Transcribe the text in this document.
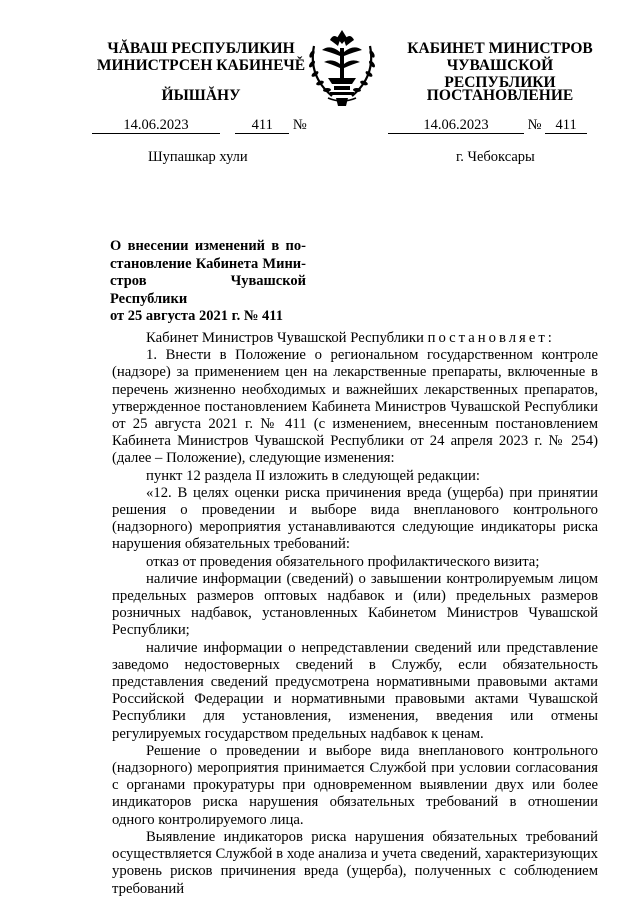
ЧĂВАШ РЕСПУБЛИКИН
МИНИСТРСЕН КАБИНЕЧĚ
ЙЫШĂНУ
КАБИНЕТ МИНИСТРОВ
ЧУВАШСКОЙ РЕСПУБЛИКИ
ПОСТАНОВЛЕНИЕ
14.06.2023	411 №	14.06.2023	№ 411
Шупашкар хули	г. Чебоксары
О внесении изменений в по-
становление Кабинета Мини-
стров Чувашской Республики
от 25 августа 2021 г. № 411

Кабинет Министров Чувашской Республики постановляет:

1. Внести в Положение о региональном государственном контроле (надзоре) за применением цен на лекарственные препараты, включенные в перечень жизненно необходимых и важнейших лекарственных препаратов, утвержденное постановлением Кабинета Министров Чувашской Республики от 25 августа 2021 г. № 411 (с изменением, внесенным постановлением Кабинета Министров Чувашской Республики от 24 апреля 2023 г. № 254) (далее – Положение), следующие изменения:

пункт 12 раздела II изложить в следующей редакции:

«12. В целях оценки риска причинения вреда (ущерба) при принятии решения о проведении и выборе вида внепланового контрольного (надзорного) мероприятия устанавливаются следующие индикаторы риска нарушения обязательных требований:

отказ от проведения обязательного профилактического визита;

наличие информации (сведений) о завышении контролируемым лицом предельных размеров оптовых надбавок и (или) предельных размеров розничных надбавок, установленных Кабинетом Министров Чувашской Республики;

наличие информации о непредставлении сведений или представление заведомо недостоверных сведений в Службу, если обязательность представления сведений предусмотрена нормативными правовыми актами Российской Федерации и нормативными правовыми актами Чувашской Республики для установления, изменения, введения или отмены регулируемых государством предельных надбавок к ценам.

Решение о проведении и выборе вида внепланового контрольного (надзорного) мероприятия принимается Службой при условии согласования с органами прокуратуры при одновременном выявлении двух или более индикаторов риска нарушения обязательных требований в отношении одного контролируемого лица.

Выявление индикаторов риска нарушения обязательных требований осуществляется Службой в ходе анализа и учета сведений, характеризующих уровень рисков причинения вреда (ущерба), полученных с соблюдением требований
